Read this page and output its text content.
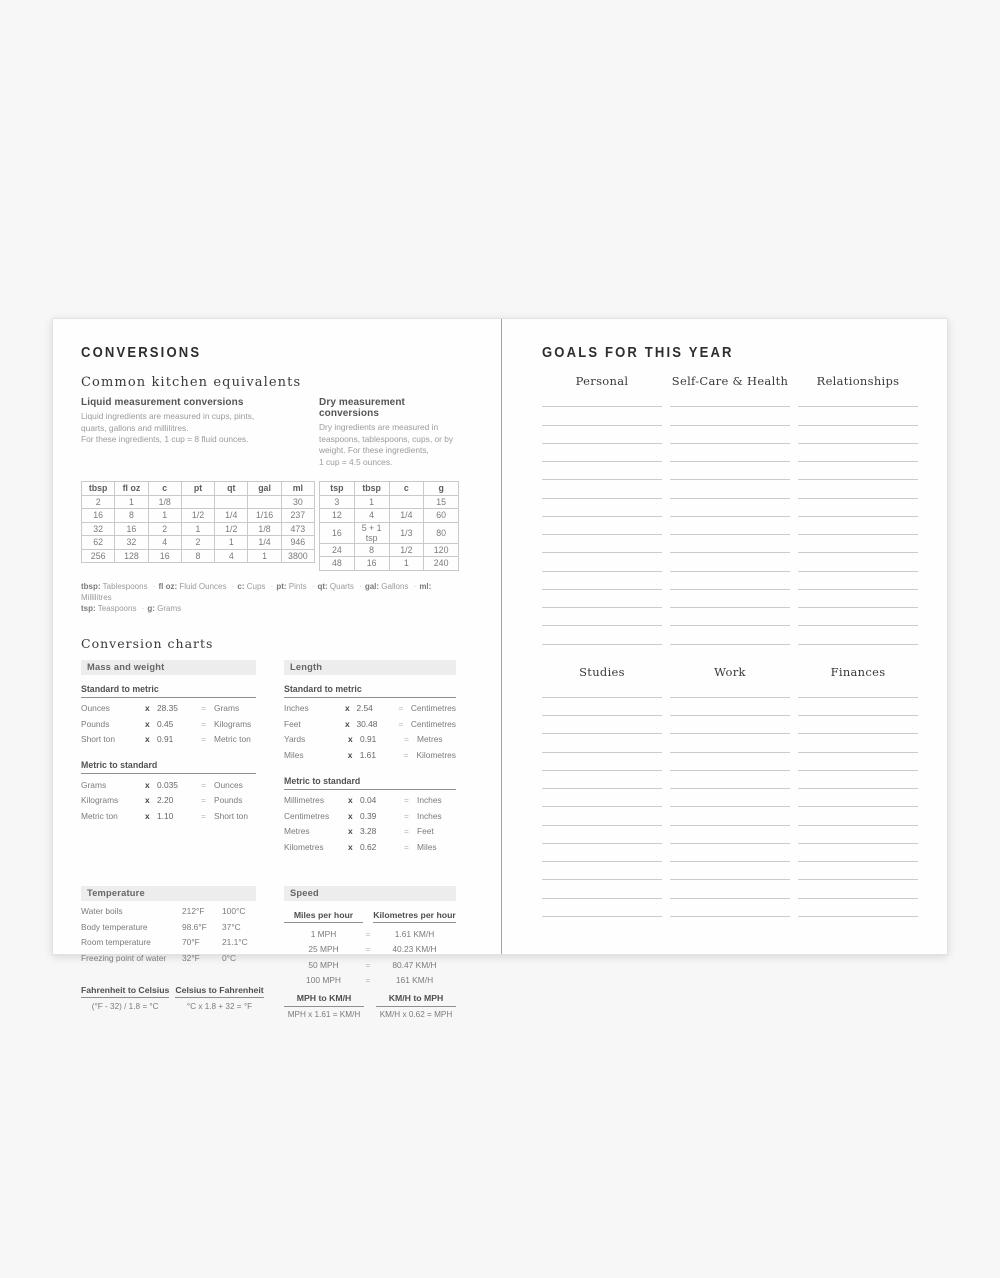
CONVERSIONS
Common kitchen equivalents
Liquid measurement conversions

Liquid ingredients are measured in cups, pints,
quarts, gallons and millilitres.
For these ingredients, 1 cup = 8 fluid ounces.

Dry measurement conversions

Dry ingredients are measured in
teaspoons, tablespoons, cups, or by
weight. For these ingredients,
1 cup = 4.5 ounces.

tbsp	fl oz	c	pt	qt	gal	ml
2	1	1/8				30
16	8	1	1/2	1/4	1/16	237
32	16	2	1	1/2	1/8	473
62	32	4	2	1	1/4	946
256	128	16	8	4	1	3800
tsp	tbsp	c	g
3	1		15
12	4	1/4	60
16	5 + 1 tsp	1/3	80
24	8	1/2	120
48	16	1	240
tbsp: Tablespoons · fl oz: Fluid Ounces · c: Cups · pt: Pints · qt: Quarts · gal: Gallons · ml: Millilitres
tsp: Teaspoons · g: Grams
Conversion charts
Mass and weight
Standard to metric
Ounces	x 28.35	= Grams
Pounds	x 0.45	= Kilograms
Short ton	x 0.91	= Metric ton
Metric to standard
Grams	x 0.035	= Ounces
Kilograms	x 2.20	= Pounds
Metric ton	x 1.10	= Short ton
Length
Standard to metric
Inches	x 2.54	= Centimetres
Feet	x 30.48	= Centimetres
Yards	x 0.91	= Metres
Miles	x 1.61	= Kilometres
Metric to standard
Millimetres	x 0.04	= Inches
Centimetres	x 0.39	= Inches
Metres	x 3.28	= Feet
Kilometres	x 0.62	= Miles
Temperature
Water boils	212°F	100°C
Body temperature	98.6°F	37°C
Room temperature	70°F	21.1°C
Freezing point of water	32°F	0°C
Fahrenheit to Celsius
(°F - 32) / 1.8 = °C
Celsius to Fahrenheit
°C x 1.8 + 32 = °F
Speed
Miles per hour	Kilometres per hour
1 MPH	=	1.61 KM/H
25 MPH	=	40.23 KM/H
50 MPH	=	80.47 KM/H
100 MPH	=	161 KM/H
MPH to KM/H
MPH x 1.61 = KM/H
KM/H to MPH
KM/H x 0.62 = MPH
GOALS FOR THIS YEAR
Personal	Self-Care & Health	Relationships
Studies	Work	Finances
